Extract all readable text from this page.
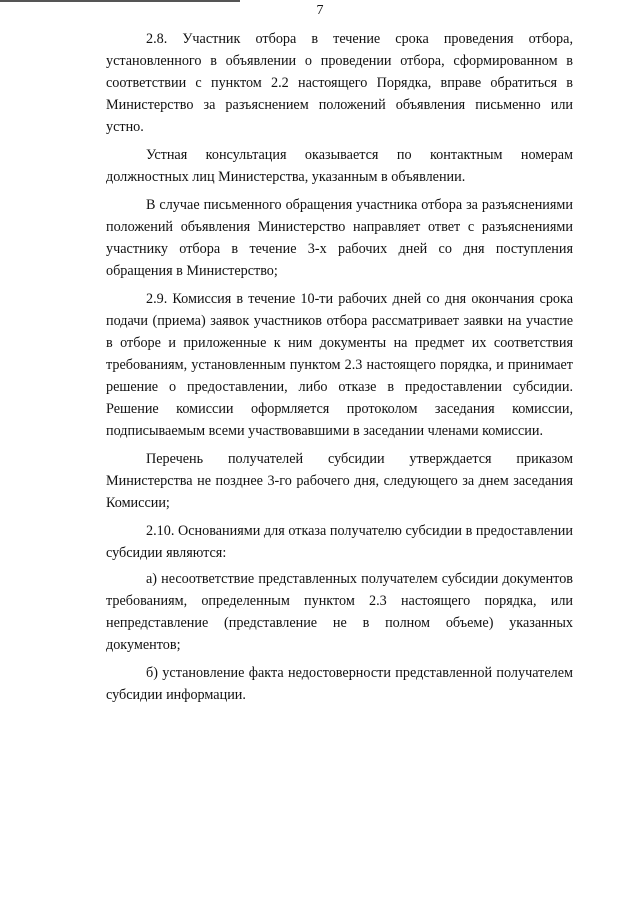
7

2.8. Участник отбора в течение срока проведения отбора, установленного в объявлении о проведении отбора, сформированном в соответствии с пунктом 2.2 настоящего Порядка, вправе обратиться в Министерство за разъяснением положений объявления письменно или устно.

Устная консультация оказывается по контактным номерам должностных лиц Министерства, указанным в объявлении.

В случае письменного обращения участника отбора за разъяснениями положений объявления Министерство направляет ответ с разъяснениями участнику отбора в течение 3-х рабочих дней со дня поступления обращения в Министерство;

2.9. Комиссия в течение 10-ти рабочих дней со дня окончания срока подачи (приема) заявок участников отбора рассматривает заявки на участие в отборе и приложенные к ним документы на предмет их соответствия требованиям, установленным пунктом 2.3 настоящего порядка, и принимает решение о предоставлении, либо отказе в предоставлении субсидии. Решение комиссии оформляется протоколом заседания комиссии, подписываемым всеми участвовавшими в заседании членами комиссии.

Перечень получателей субсидии утверждается приказом Министерства не позднее 3-го рабочего дня, следующего за днем заседания Комиссии;

2.10. Основаниями для отказа получателю субсидии в предоставлении субсидии являются:

а) несоответствие представленных получателем субсидии документов требованиям, определенным пунктом 2.3 настоящего порядка, или непредставление (представление не в полном объеме) указанных документов;

б) установление факта недостоверности представленной получателем субсидии информации.
